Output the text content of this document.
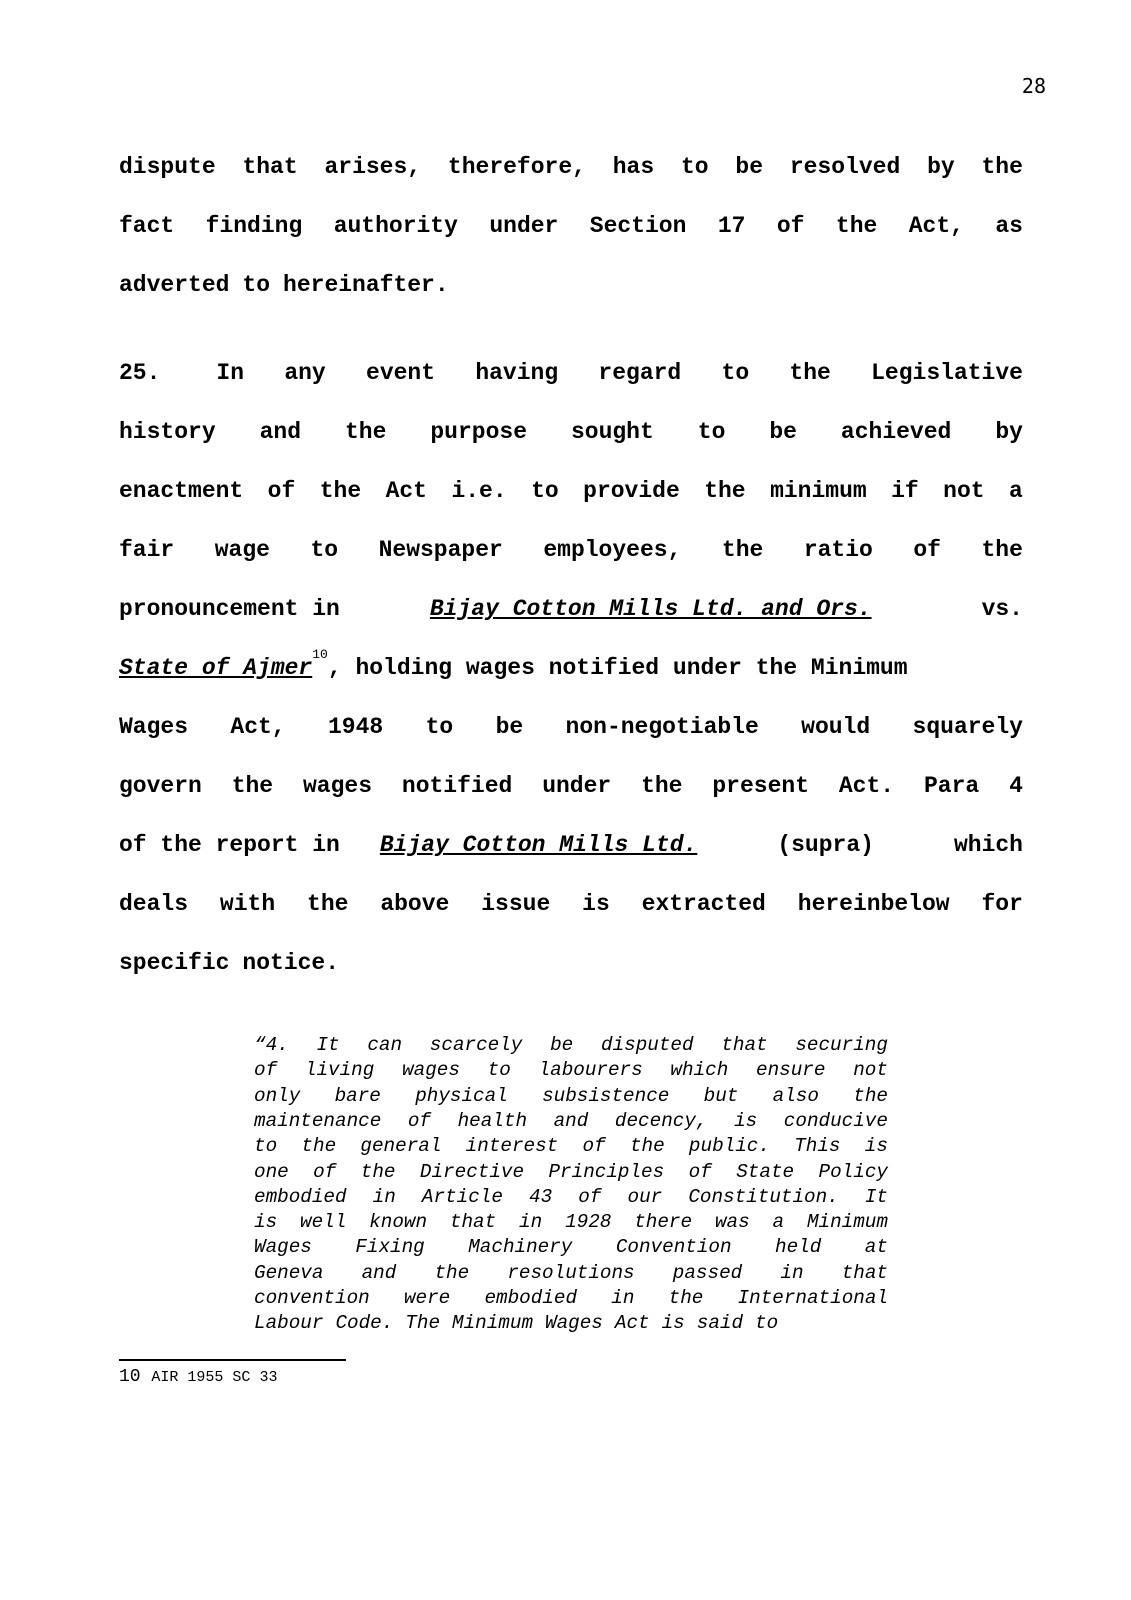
28
dispute that arises, therefore, has to be resolved by the
fact finding authority under Section 17 of the Act, as
adverted to hereinafter.
25. In any event having regard to the Legislative
history and the purpose sought to be achieved by
enactment of the Act i.e. to provide the minimum if not a
fair wage to Newspaper employees, the ratio of the
pronouncement in	Bijay Cotton Mills Ltd. and Ors.	vs.
State of Ajmer
10
, holding wages notified under the Minimum
Wages Act, 1948 to be non-negotiable would squarely
govern the wages notified under the present Act. Para 4
of the report in Bijay Cotton Mills Ltd.	(supra)	which
deals with the above issue is extracted hereinbelow for
specific notice.
“4. It can scarcely be disputed that securing
of living wages to labourers which ensure not
only bare physical subsistence but also the
maintenance of health and decency, is conducive
to the general interest of the public. This is
one of the Directive Principles of State Policy
embodied in Article 43 of our Constitution. It
is well known that in 1928 there was a Minimum
Wages Fixing Machinery Convention held at
Geneva and the resolutions passed in that
convention were embodied in the International
Labour Code. The Minimum Wages Act is said to
10 AIR 1955 SC 33
